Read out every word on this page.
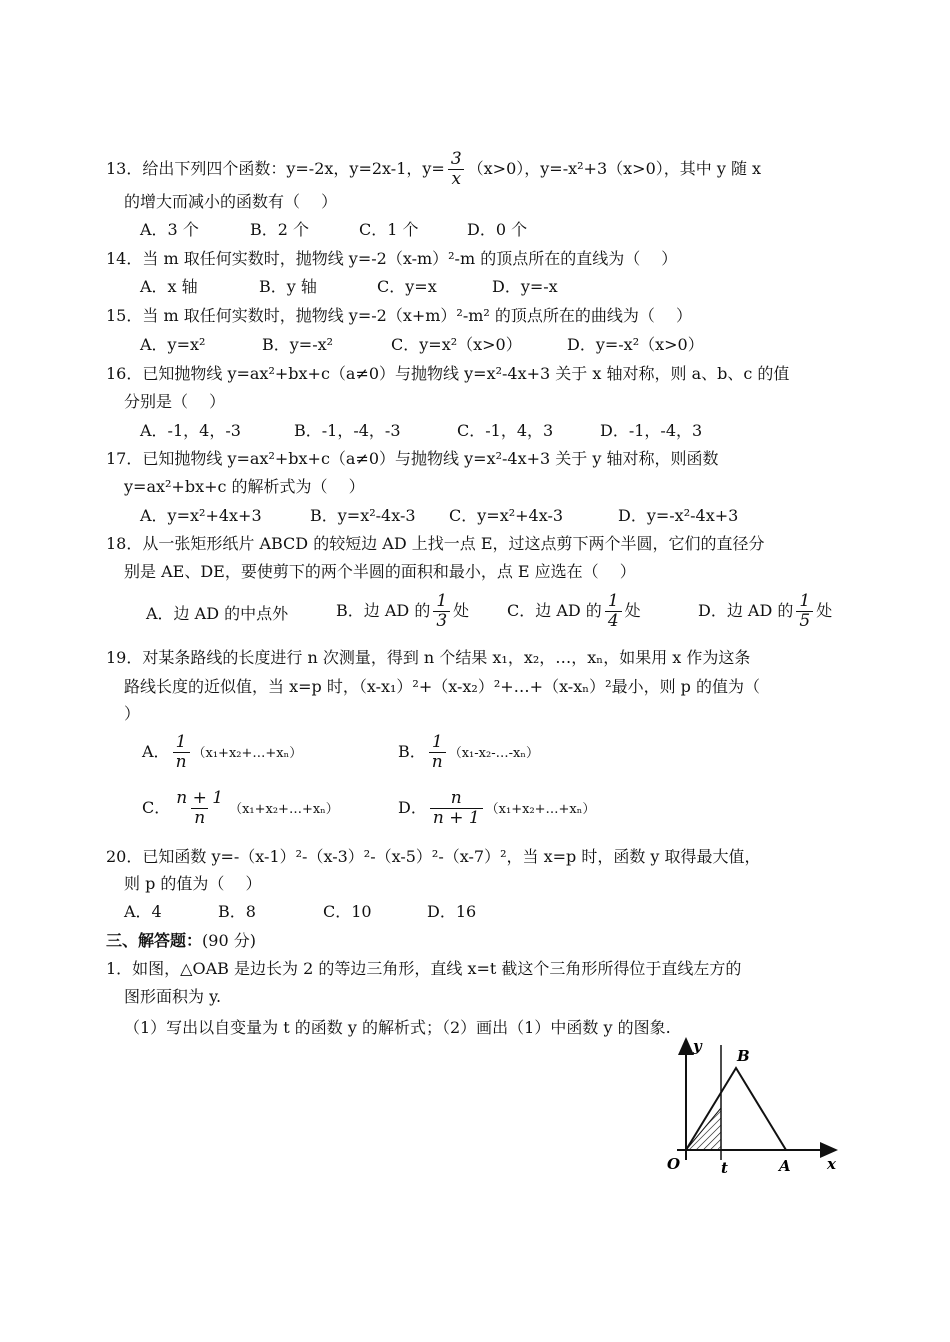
13．给出下列四个函数：y=-2x，y=2x-1，$y= \frac{3}{x} (x>0)$，y=-x²+3（x>0），其中 y 随 x
的增大而减小的函数有（　 ）
A．3 个	B．2 个	C．1 个	D．0 个
14．当 m 取任何实数时，抛物线 y=-2（x-m）²-m 的顶点所在的直线为（　 ）
A．x 轴	B．y 轴	C．y=x	D．y=-x
15．当 m 取任何实数时，抛物线 y=-2（x+m）²-m² 的顶点所在的曲线为（　 ）
A．y=x²	B．y=-x²	C．y=x²（x>0）	D．y=-x²（x>0）
16．已知抛物线 y=ax²+bx+c（a≠0）与抛物线 y=x²-4x+3 关于 x 轴对称，则 a、b、c 的值
分别是（　 ）
A．-1，4，-3	B．-1，-4，-3	C．-1，4，3	D．-1，-4，3
17．已知抛物线 y=ax²+bx+c（a≠0）与抛物线 y=x²-4x+3 关于 y 轴对称，则函数
y=ax²+bx+c 的解析式为（　 ）
A．y=x²+4x+3	B．y=x²-4x-3 C．y=x²+4x-3	D．y=-x²-4x+3
18．从一张矩形纸片 ABCD 的较短边 AD 上找一点 E，过这点剪下两个半圆，它们的直径分
别是 AE、DE，要使剪下的两个半圆的面积和最小，点 E 应选在（　 ）
A．边 AD 的中点外	B．边 AD 的 $\frac{1}{3}$ 处 C．边 AD 的 $\frac{1}{4}$ 处	D．边 AD 的 $\frac{1}{5}$ 处
19．对某条路线的长度进行 n 次测量，得到 n 个结果 x₁，x₂，…，xₙ，如果用 x 作为这条
路线长度的近似值，当 x=p 时，（x-x₁）²+（x-x₂）²+…+（x-xₙ）²最小，则 p 的值为（
）
A． $\frac{1}{n}$ （x₁+x₂+…+xₙ）	B． $\frac{1}{n}$ （x₁-x₂-…-xₙ）
C． $\frac{n + 1}{n}$ （x₁+x₂+…+xₙ）	D． $\frac{n}{n + 1}$ （x₁+x₂+…+xₙ）
20．已知函数 y=-（x-1）²-（x-3）²-（x-5）²-（x-7）²，当 x=p 时，函数 y 取得最大值，
则 p 的值为（　 ）
A．4	B．8	C．10	D．16
三、解答题：(90 分)
1．如图，△OAB 是边长为 2 的等边三角形，直线 x=t 截这个三角形所得位于直线左方的
图形面积为 y.
（1）写出以自变量为 t 的函数 y 的解析式；（2）画出（1）中函数 y 的图象.
y
B
O	t	A x
